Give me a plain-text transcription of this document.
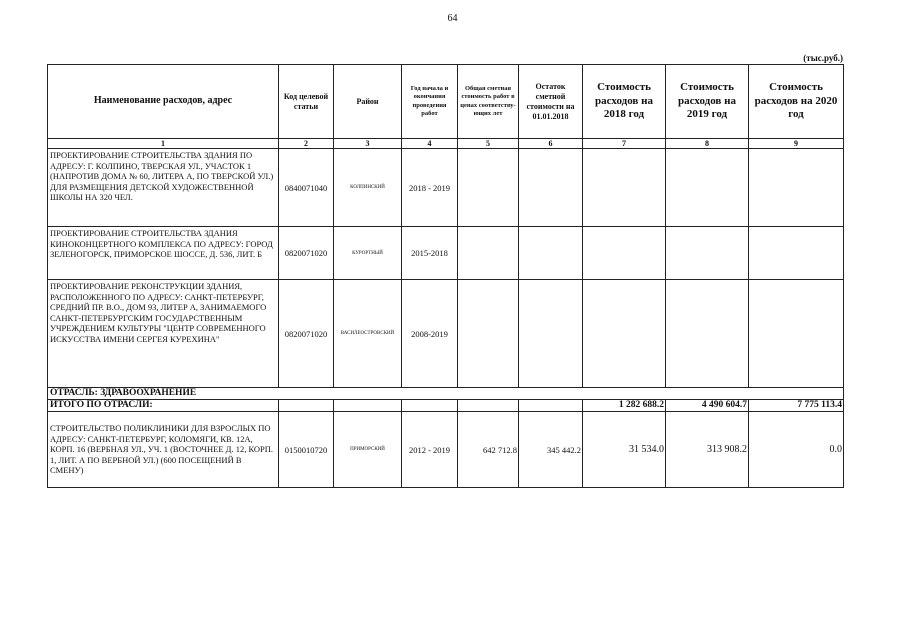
64
(тыс.руб.)
Наименование расходов, адрес	Код целевой статьи	Район	Год начала и окончания проведения работ	Общая сметная стоимость работ в ценах соответству-ющих лет	Остаток сметной стоимости на 01.01.2018	Стоимость расходов на 2018 год	Стоимость расходов на 2019 год	Стоимость расходов на 2020 год
1	2	3	4	5	6	7	8	9
ПРОЕКТИРОВАНИЕ СТРОИТЕЛЬСТВА ЗДАНИЯ ПО АДРЕСУ: Г. КОЛПИНО, ТВЕРСКАЯ УЛ., УЧАСТОК 1 (НАПРОТИВ ДОМА № 60, ЛИТЕРА А, ПО ТВЕРСКОЙ УЛ.) ДЛЯ РАЗМЕЩЕНИЯ ДЕТСКОЙ ХУДОЖЕСТВЕННОЙ ШКОЛЫ НА 320 ЧЕЛ.	0840071040	КОЛПИНСКИЙ	2018 - 2019					
ПРОЕКТИРОВАНИЕ СТРОИТЕЛЬСТВА ЗДАНИЯ КИНОКОНЦЕРТНОГО КОМПЛЕКСА ПО АДРЕСУ: ГОРОД ЗЕЛЕНОГОРСК, ПРИМОРСКОЕ ШОССЕ, Д. 536, ЛИТ. Б	0820071020	КУРОРТНЫЙ	2015-2018					
ПРОЕКТИРОВАНИЕ РЕКОНСТРУКЦИИ ЗДАНИЯ, РАСПОЛОЖЕННОГО ПО АДРЕСУ: САНКТ-ПЕТЕРБУРГ, СРЕДНИЙ ПР. В.О., ДОМ 93, ЛИТЕР А, ЗАНИМАЕМОГО САНКТ-ПЕТЕРБУРГСКИМ ГОСУДАРСТВЕННЫМ УЧРЕЖДЕНИЕМ КУЛЬТУРЫ "ЦЕНТР СОВРЕМЕННОГО ИСКУССТВА ИМЕНИ СЕРГЕЯ КУРЕХИНА"	0820071020	ВАСИЛЕОСТРОВСКИЙ	2008-2019					
ОТРАСЛЬ: ЗДРАВООХРАНЕНИЕ								
ИТОГО ПО ОТРАСЛИ:						1 282 688.2	4 490 604.7	7 775 113.4
СТРОИТЕЛЬСТВО ПОЛИКЛИНИКИ ДЛЯ ВЗРОСЛЫХ ПО АДРЕСУ: САНКТ-ПЕТЕРБУРГ, КОЛОМЯГИ, КВ. 12А, КОРП. 16 (ВЕРБНАЯ УЛ., УЧ. 1 (ВОСТОЧНЕЕ Д. 12, КОРП. 1, ЛИТ. А ПО ВЕРБНОЙ УЛ.) (600 ПОСЕЩЕНИЙ В СМЕНУ)	0150010720	ПРИМОРСКИЙ	2012 - 2019	642 712.8	345 442.2	31 534.0	313 908.2	0.0
